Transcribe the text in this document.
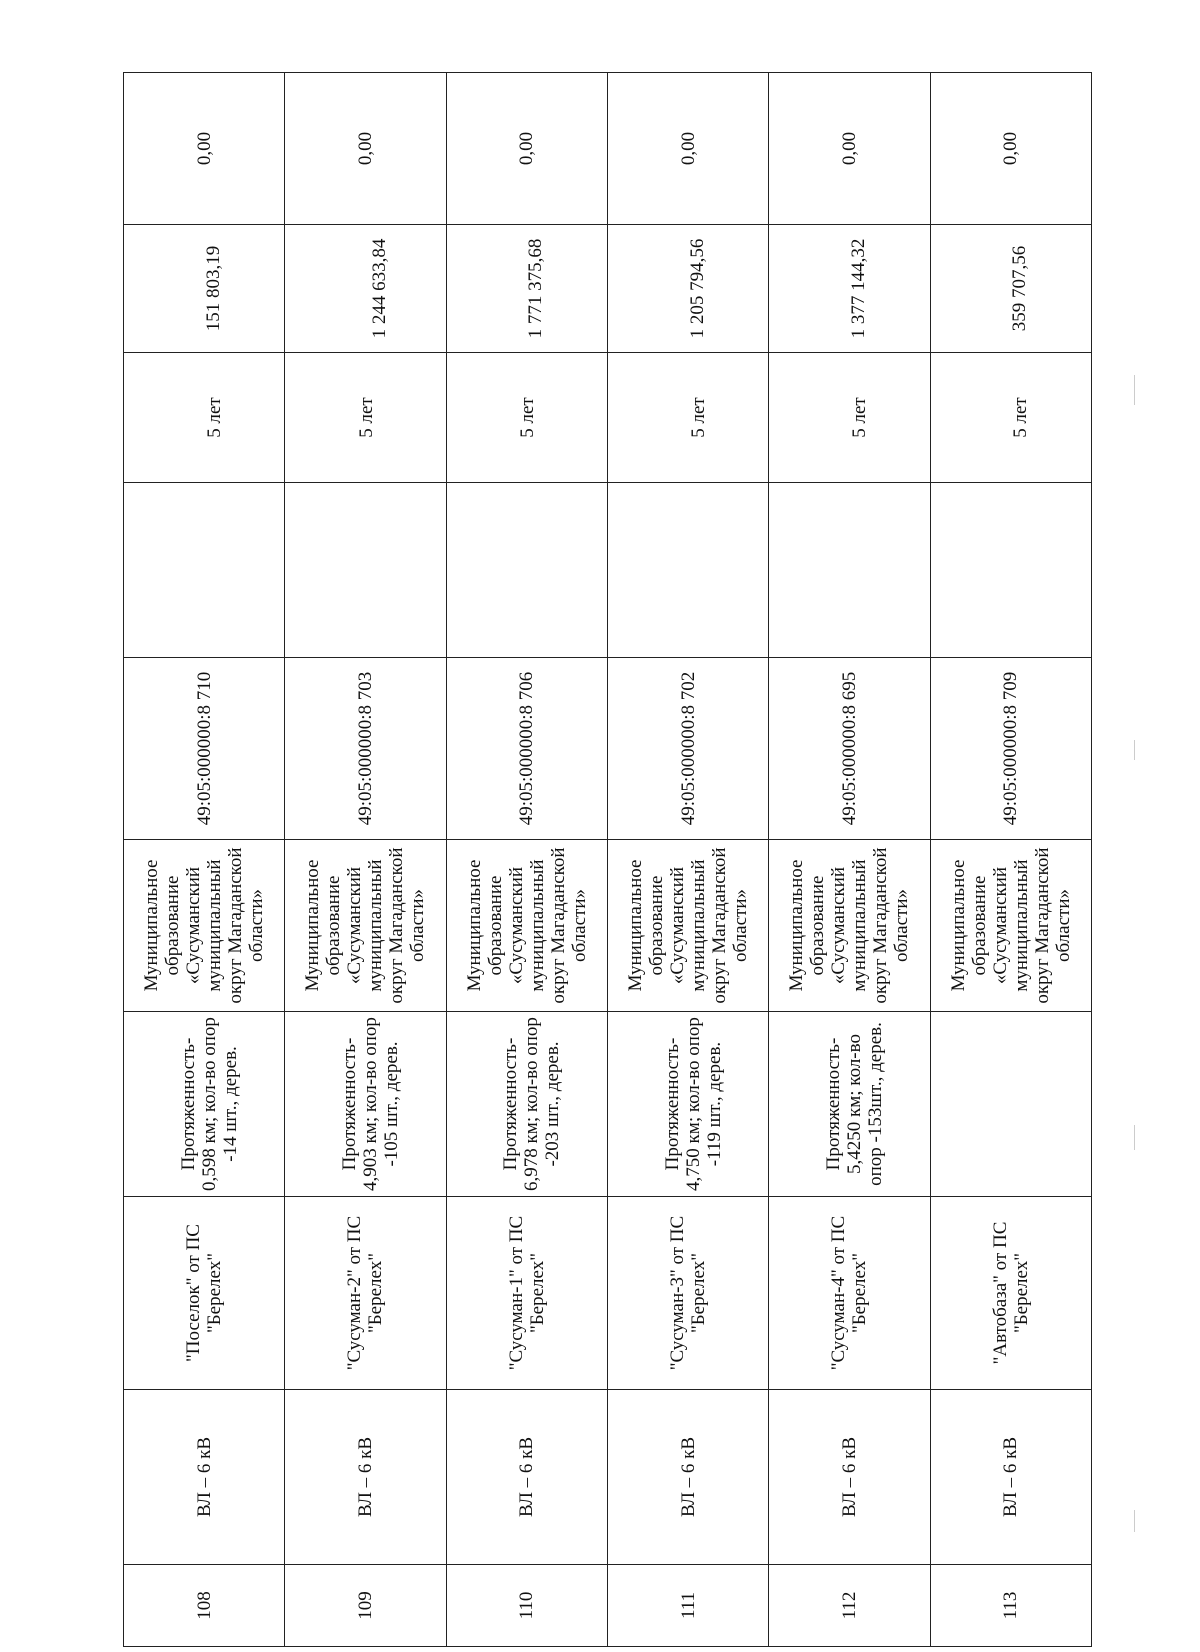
108	ВЛ – 6 кВ	"Поселок" от ПС "Берелех"	Протяженность- 0,598 км; кол-во опор -14 шт., дерев.	Муниципальное образование «Сусуманский муниципальный округ Магаданской области»	49:05:000000:8 710		5 лет	151 803,19	0,00
109	ВЛ – 6 кВ	"Сусуман-2" от ПС "Берелех"	Протяженность- 4,903 км; кол-во опор -105 шт., дерев.	Муниципальное образование «Сусуманский муниципальный округ Магаданской области»	49:05:000000:8 703		5 лет	1 244 633,84	0,00
110	ВЛ – 6 кВ	"Сусуман-1" от ПС "Берелех"	Протяженность- 6,978 км; кол-во опор -203 шт., дерев.	Муниципальное образование «Сусуманский муниципальный округ Магаданской области»	49:05:000000:8 706		5 лет	1 771 375,68	0,00
111	ВЛ – 6 кВ	"Сусуман-3" от ПС "Берелех"	Протяженность- 4,750 км; кол-во опор -119 шт., дерев.	Муниципальное образование «Сусуманский муниципальный округ Магаданской области»	49:05:000000:8 702		5 лет	1 205 794,56	0,00
112	ВЛ – 6 кВ	"Сусуман-4" от ПС "Берелех"	Протяженность- 5,4250 км; кол-во опор -153шт., дерев.	Муниципальное образование «Сусуманский муниципальный округ Магаданской области»	49:05:000000:8 695		5 лет	1 377 144,32	0,00
113	ВЛ – 6 кВ	"Автобаза" от ПС "Берелех"		Муниципальное образование «Сусуманский муниципальный округ Магаданской области»	49:05:000000:8 709		5 лет	359 707,56	0,00
